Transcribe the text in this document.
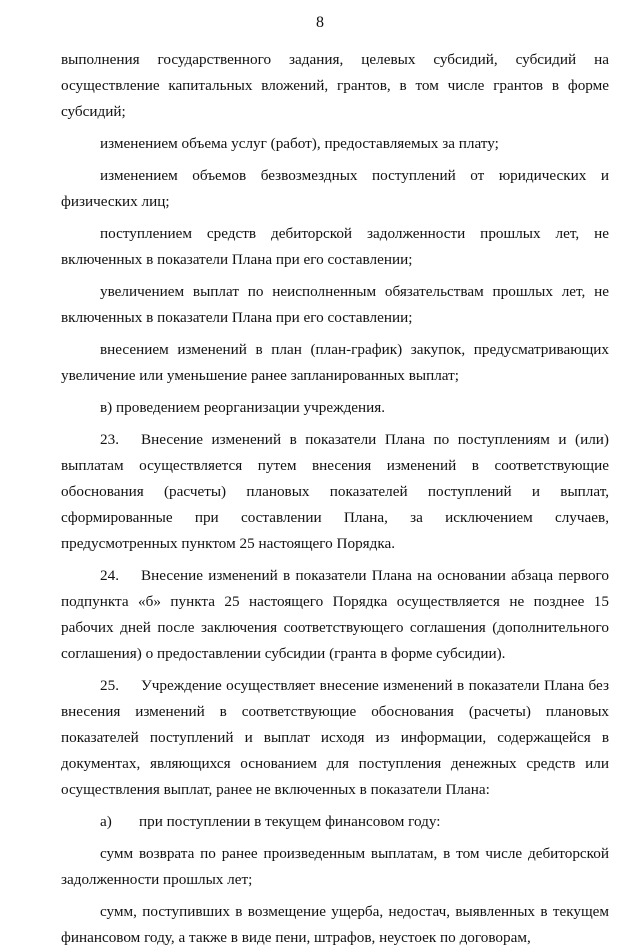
8

выполнения государственного задания, целевых субсидий, субсидий на осуществление капитальных вложений, грантов, в том числе грантов в форме субсидий;

изменением объема услуг (работ), предоставляемых за плату;

изменением объемов безвозмездных поступлений от юридических и физических лиц;

поступлением средств дебиторской задолженности прошлых лет, не включенных в показатели Плана при его составлении;

увеличением выплат по неисполненным обязательствам прошлых лет, не включенных в показатели Плана при его составлении;

внесением изменений в план (план-график) закупок, предусматривающих увеличение или уменьшение ранее запланированных выплат;

в) проведением реорганизации учреждения.

23. Внесение изменений в показатели Плана по поступлениям и (или) выплатам осуществляется путем внесения изменений в соответствующие обоснования (расчеты) плановых показателей поступлений и выплат, сформированные при составлении Плана, за исключением случаев, предусмотренных пунктом 25 настоящего Порядка.

24. Внесение изменений в показатели Плана на основании абзаца первого подпункта «б» пункта 25 настоящего Порядка осуществляется не позднее 15 рабочих дней после заключения соответствующего соглашения (дополнительного соглашения) о предоставлении субсидии (гранта в форме субсидии).

25. Учреждение осуществляет внесение изменений в показатели Плана без внесения изменений в соответствующие обоснования (расчеты) плановых показателей поступлений и выплат исходя из информации, содержащейся в документах, являющихся основанием для поступления денежных средств или осуществления выплат, ранее не включенных в показатели Плана:

а) при поступлении в текущем финансовом году:

сумм возврата по ранее произведенным выплатам, в том числе дебиторской задолженности прошлых лет;

сумм, поступивших в возмещение ущерба, недостач, выявленных в текущем финансовом году, а также в виде пени, штрафов, неустоек по договорам,
